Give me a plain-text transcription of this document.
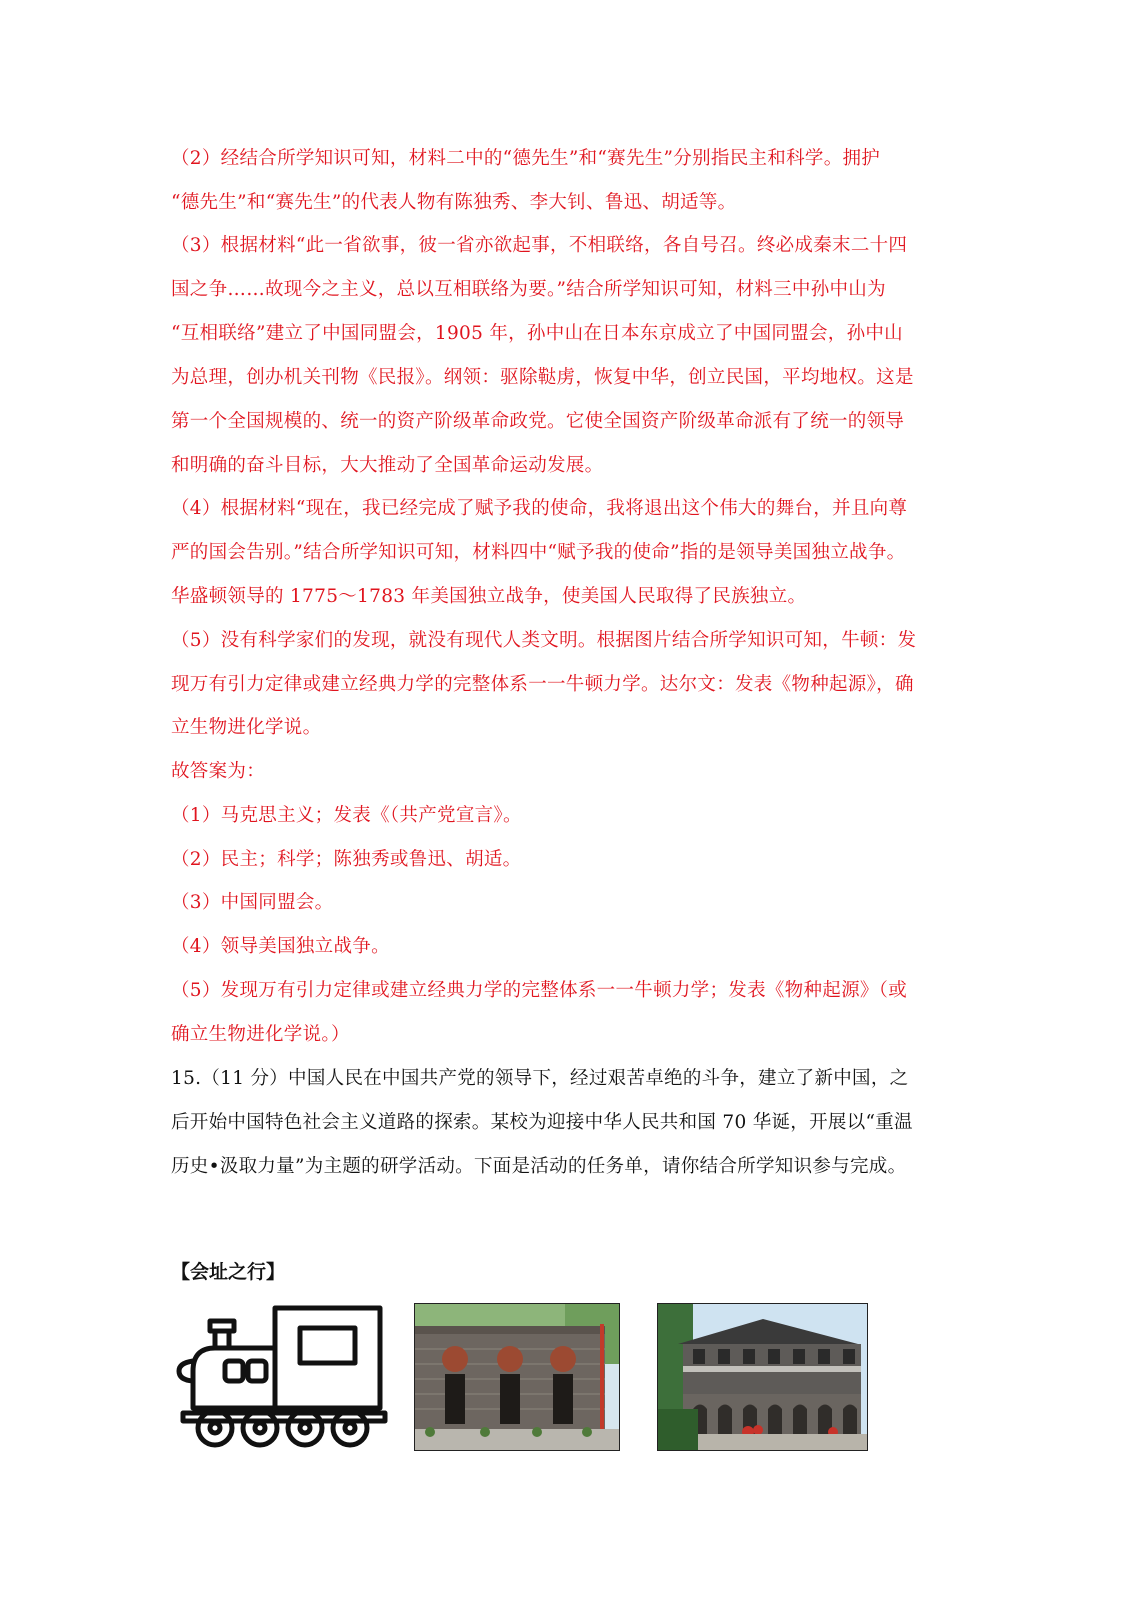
（2）经结合所学知识可知，材料二中的“德先生”和“赛先生”分别指民主和科学。拥护
“德先生”和“赛先生”的代表人物有陈独秀、李大钊、鲁迅、胡适等。
（3）根据材料“此一省欲事，彼一省亦欲起事，不相联络，各自号召。终必成秦末二十四
国之争……故现今之主义，总以互相联络为要。”结合所学知识可知，材料三中孙中山为
“互相联络”建立了中国同盟会，1905 年，孙中山在日本东京成立了中国同盟会，孙中山
为总理，创办机关刊物《民报》。纲领：驱除鞑虏，恢复中华，创立民国，平均地权。这是
第一个全国规模的、统一的资产阶级革命政党。它使全国资产阶级革命派有了统一的领导
和明确的奋斗目标，大大推动了全国革命运动发展。
（4）根据材料“现在，我已经完成了赋予我的使命，我将退出这个伟大的舞台，并且向尊
严的国会告别。”结合所学知识可知，材料四中“赋予我的使命”指的是领导美国独立战争。
华盛顿领导的 1775～1783 年美国独立战争，使美国人民取得了民族独立。
（5）没有科学家们的发现，就没有现代人类文明。根据图片结合所学知识可知，牛顿：发
现万有引力定律或建立经典力学的完整体系一一牛顿力学。达尔文：发表《物种起源》，确
立生物进化学说。
故答案为：
（1）马克思主义；发表《（共产党宣言》。
（2）民主；科学；陈独秀或鲁迅、胡适。
（3）中国同盟会。
（4）领导美国独立战争。
（5）发现万有引力定律或建立经典力学的完整体系一一牛顿力学；发表《物种起源》（或
确立生物进化学说。）
15.（11 分）中国人民在中国共产党的领导下，经过艰苦卓绝的斗争，建立了新中国，之
后开始中国特色社会主义道路的探索。某校为迎接中华人民共和国 70 华诞，开展以“重温
历史•汲取力量”为主题的研学活动。下面是活动的任务单，请你结合所学知识参与完成。
【会址之行】
